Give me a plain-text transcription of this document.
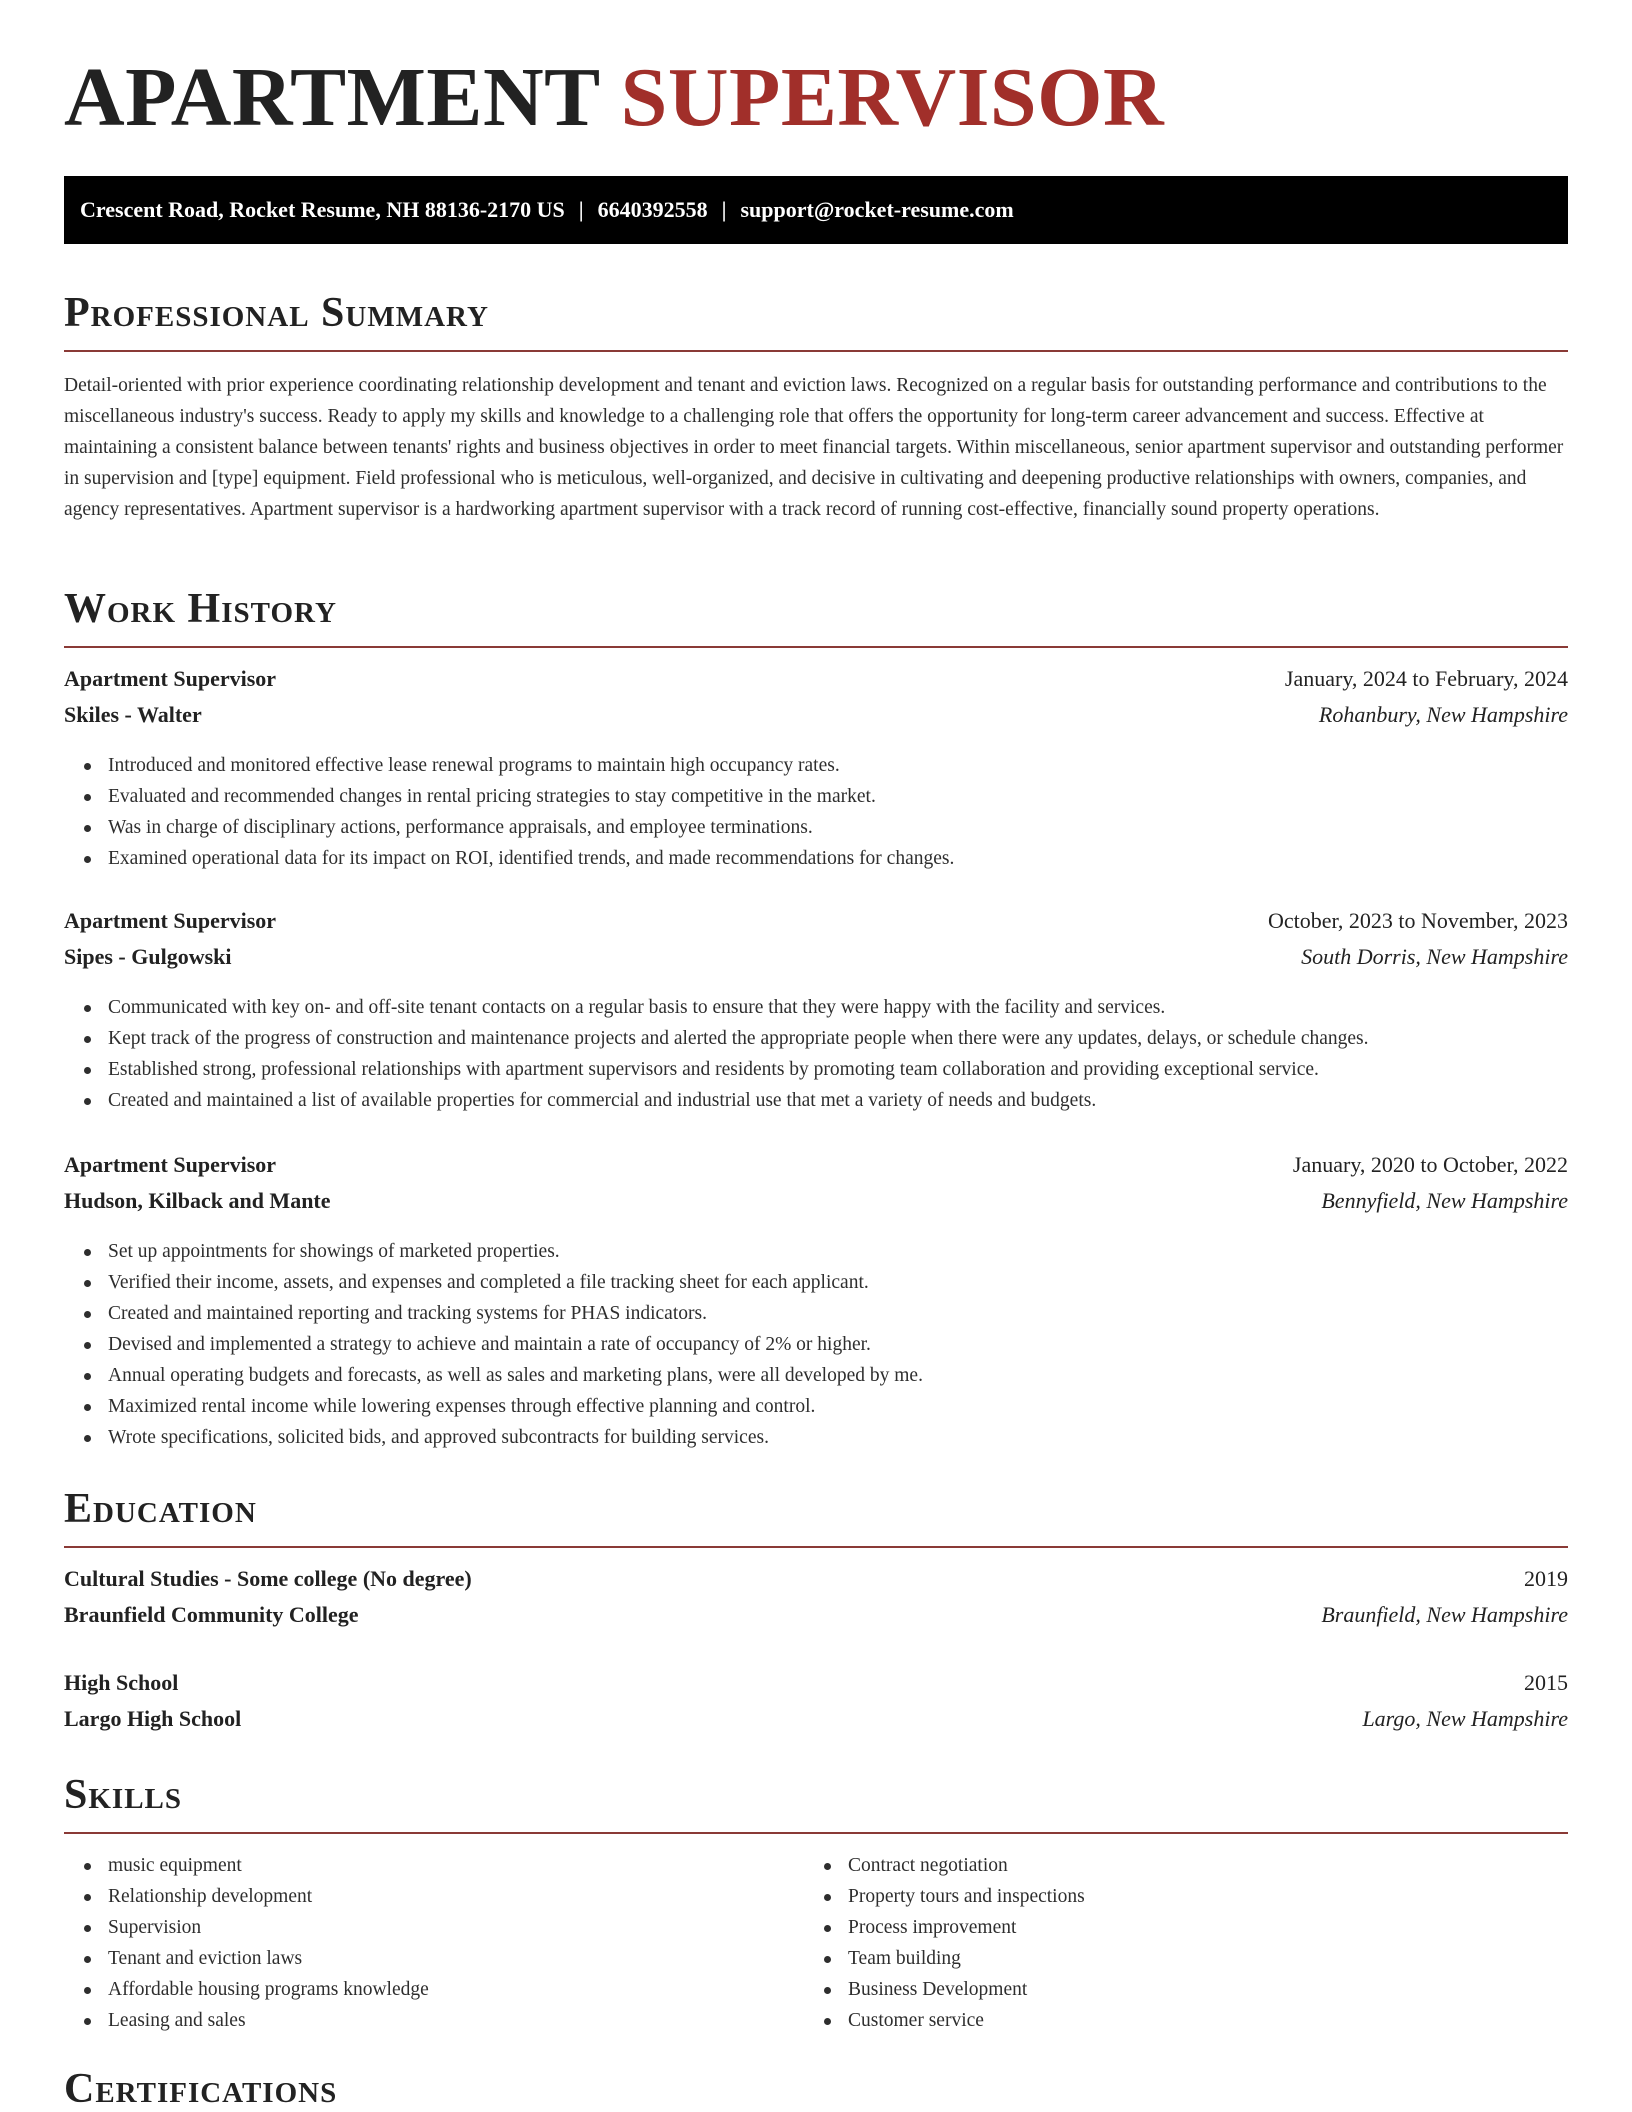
APARTMENT SUPERVISOR
Crescent Road, Rocket Resume, NH 88136-2170 US | 6640392558 | support@rocket-resume.com
Professional Summary

Detail-oriented with prior experience coordinating relationship development and tenant and eviction laws. Recognized on a regular basis for outstanding performance and contributions to the miscellaneous industry's success. Ready to apply my skills and knowledge to a challenging role that offers the opportunity for long-term career advancement and success. Effective at maintaining a consistent balance between tenants' rights and business objectives in order to meet financial targets. Within miscellaneous, senior apartment supervisor and outstanding performer in supervision and [type] equipment. Field professional who is meticulous, well-organized, and decisive in cultivating and deepening productive relationships with owners, companies, and agency representatives. Apartment supervisor is a hardworking apartment supervisor with a track record of running cost-effective, financially sound property operations.

Work History
Apartment Supervisor	January, 2024 to February, 2024
Skiles - Walter	Rohanbury, New Hampshire
Introduced and monitored effective lease renewal programs to maintain high occupancy rates.
Evaluated and recommended changes in rental pricing strategies to stay competitive in the market.
Was in charge of disciplinary actions, performance appraisals, and employee terminations.
Examined operational data for its impact on ROI, identified trends, and made recommendations for changes.
Apartment Supervisor	October, 2023 to November, 2023
Sipes - Gulgowski	South Dorris, New Hampshire
Communicated with key on- and off-site tenant contacts on a regular basis to ensure that they were happy with the facility and services.
Kept track of the progress of construction and maintenance projects and alerted the appropriate people when there were any updates, delays, or schedule changes.
Established strong, professional relationships with apartment supervisors and residents by promoting team collaboration and providing exceptional service.
Created and maintained a list of available properties for commercial and industrial use that met a variety of needs and budgets.
Apartment Supervisor	January, 2020 to October, 2022
Hudson, Kilback and Mante	Bennyfield, New Hampshire
Set up appointments for showings of marketed properties.
Verified their income, assets, and expenses and completed a file tracking sheet for each applicant.
Created and maintained reporting and tracking systems for PHAS indicators.
Devised and implemented a strategy to achieve and maintain a rate of occupancy of 2% or higher.
Annual operating budgets and forecasts, as well as sales and marketing plans, were all developed by me.
Maximized rental income while lowering expenses through effective planning and control.
Wrote specifications, solicited bids, and approved subcontracts for building services.
Education
Cultural Studies - Some college (No degree)	2019
Braunfield Community College	Braunfield, New Hampshire
High School	2015
Largo High School	Largo, New Hampshire
Skills
music equipment
Relationship development
Supervision
Tenant and eviction laws
Affordable housing programs knowledge
Leasing and sales
Contract negotiation
Property tours and inspections
Process improvement
Team building
Business Development
Customer service
Certifications
